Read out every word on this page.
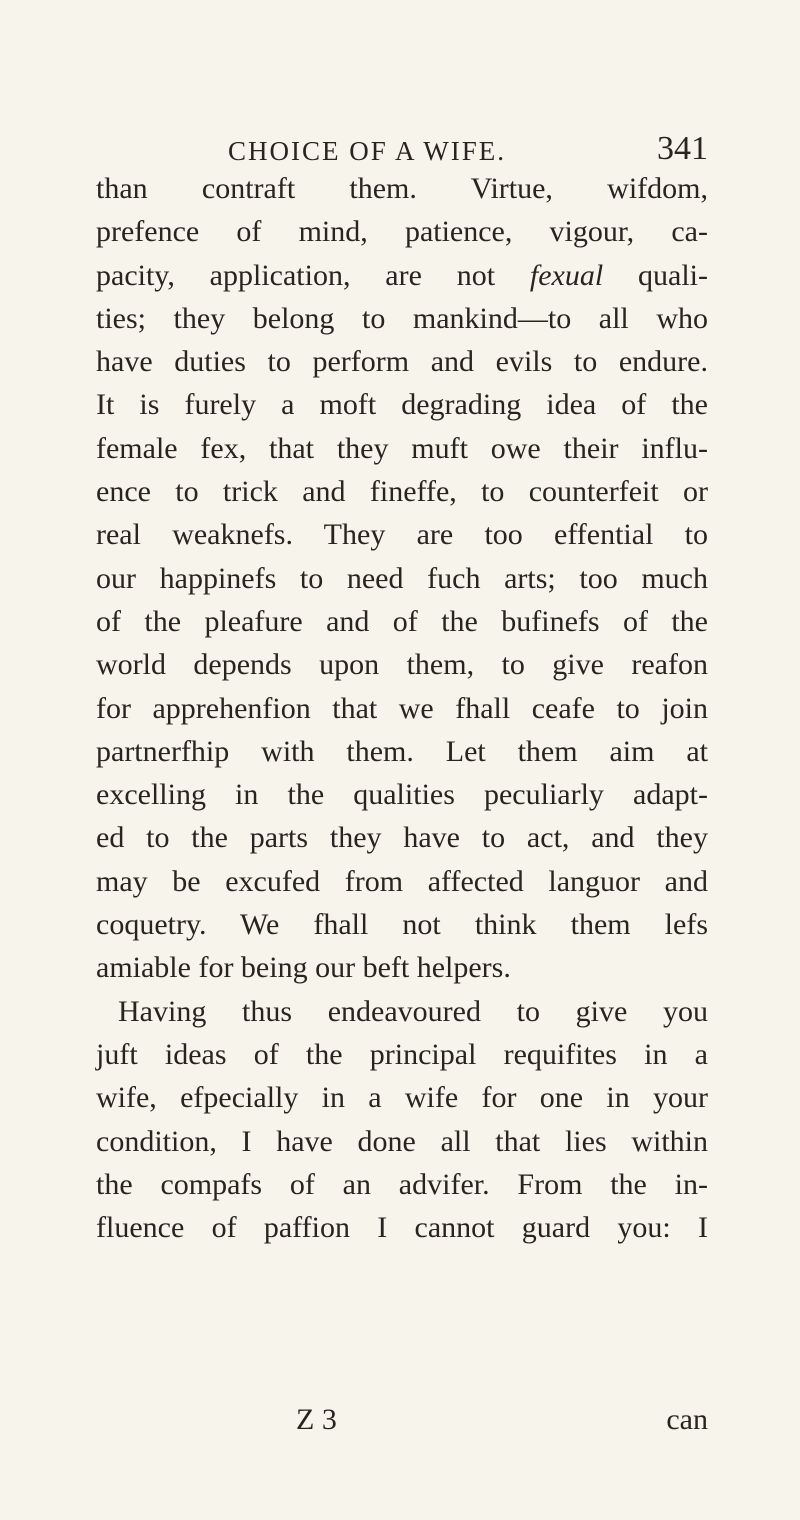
CHOICE OF A WIFE.	341
than contraft them. Virtue, wifdom,
prefence of mind, patience, vigour, ca-
pacity, application, are not fexual quali-
ties; they belong to mankind—to all who
have duties to perform and evils to endure.
It is furely a moft degrading idea of the
female fex, that they muft owe their influ-
ence to trick and fineffe, to counterfeit or
real weaknefs. They are too effential to
our happinefs to need fuch arts; too much
of the pleafure and of the bufinefs of the
world depends upon them, to give reafon
for apprehenfion that we fhall ceafe to join
partnerfhip with them. Let them aim at
excelling in the qualities peculiarly adapt-
ed to the parts they have to act, and they
may be excufed from affected languor and
coquetry. We fhall not think them lefs
amiable for being our beft helpers.
Having thus endeavoured to give you
juft ideas of the principal requifites in a
wife, efpecially in a wife for one in your
condition, I have done all that lies within
the compafs of an advifer. From the in-
fluence of paffion I cannot guard you: I
Z 3	can
